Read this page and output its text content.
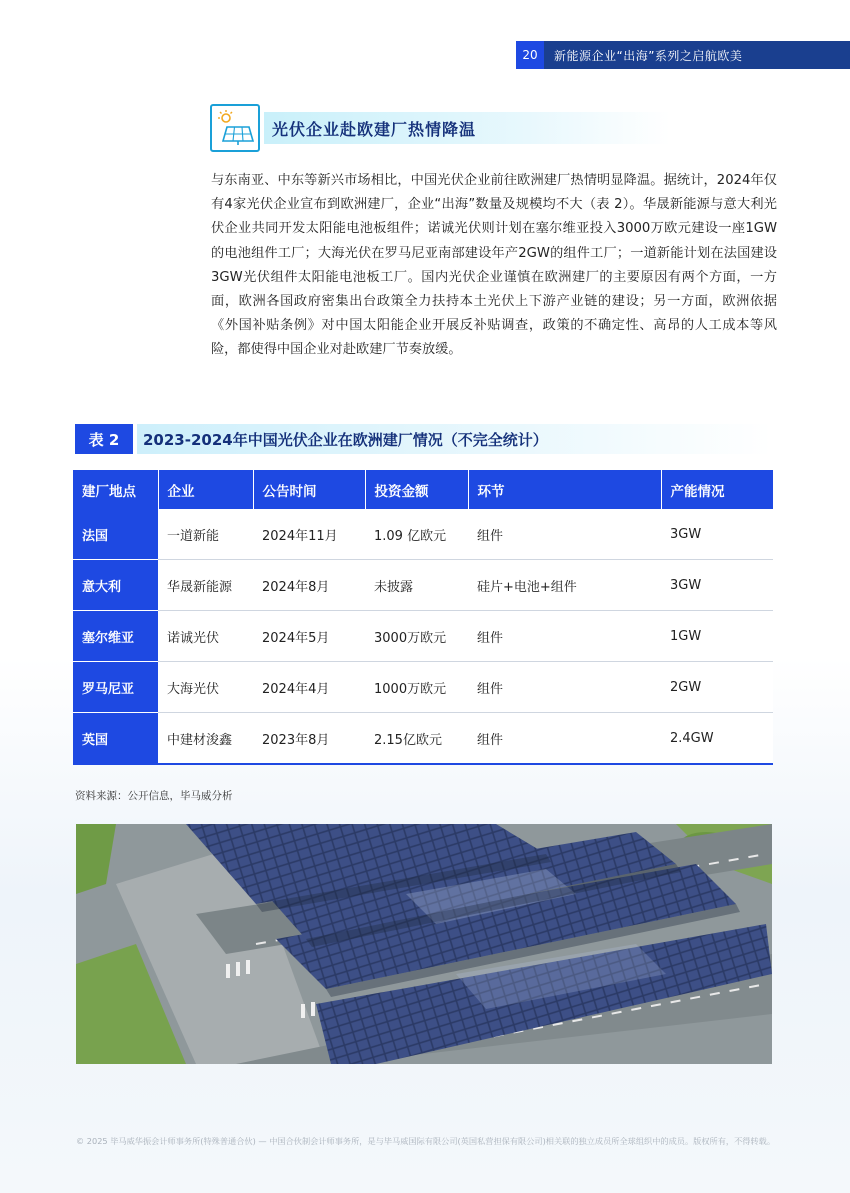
20	新能源企业“出海”系列之启航欧美
光伏企业赴欧建厂热情降温

与东南亚、中东等新兴市场相比，中国光伏企业前往欧洲建厂热情明显降温。据统计，2024年仅有4家光伏企业宣布到欧洲建厂，企业“出海”数量及规模均不大（表 2）。华晟新能源与意大利光伏企业共同开发太阳能电池板组件；诺诚光伏则计划在塞尔维亚投入3000万欧元建设一座1GW的电池组件工厂；大海光伏在罗马尼亚南部建设年产2GW的组件工厂；一道新能计划在法国建设3GW光伏组件太阳能电池板工厂。国内光伏企业谨慎在欧洲建厂的主要原因有两个方面，一方面，欧洲各国政府密集出台政策全力扶持本土光伏上下游产业链的建设；另一方面，欧洲依据《外国补贴条例》对中国太阳能企业开展反补贴调查，政策的不确定性、高昂的人工成本等风险，都使得中国企业对赴欧建厂节奏放缓。

表 2	2023-2024年中国光伏企业在欧洲建厂情况（不完全统计）
建厂地点	企业	公告时间	投资金额	环节	产能情况
法国	一道新能	2024年11月	1.09 亿欧元	组件	3GW
意大利	华晟新能源	2024年8月	未披露	硅片+电池+组件	3GW
塞尔维亚	诺诚光伏	2024年5月	3000万欧元	组件	1GW
罗马尼亚	大海光伏	2024年4月	1000万欧元	组件	2GW
英国	中建材浚鑫	2023年8月	2.15亿欧元	组件	2.4GW
资料来源：公开信息，毕马威分析
© 2025 毕马威华振会计师事务所(特殊普通合伙) — 中国合伙制会计师事务所，是与毕马威国际有限公司(英国私营担保有限公司)相关联的独立成员所全球组织中的成员。版权所有，不得转载。
